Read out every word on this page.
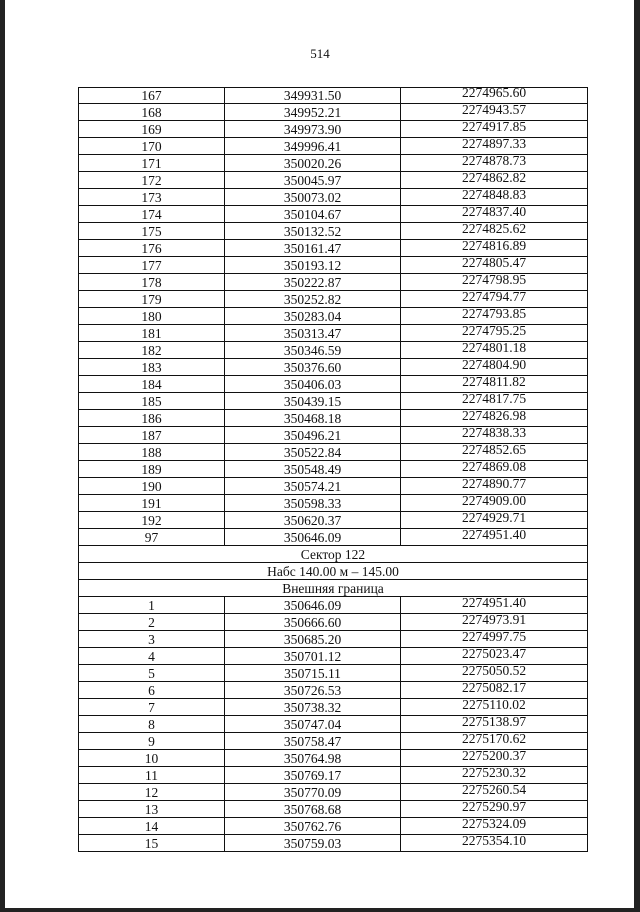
514
167	349931.50	2274965.60
168	349952.21	2274943.57
169	349973.90	2274917.85
170	349996.41	2274897.33
171	350020.26	2274878.73
172	350045.97	2274862.82
173	350073.02	2274848.83
174	350104.67	2274837.40
175	350132.52	2274825.62
176	350161.47	2274816.89
177	350193.12	2274805.47
178	350222.87	2274798.95
179	350252.82	2274794.77
180	350283.04	2274793.85
181	350313.47	2274795.25
182	350346.59	2274801.18
183	350376.60	2274804.90
184	350406.03	2274811.82
185	350439.15	2274817.75
186	350468.18	2274826.98
187	350496.21	2274838.33
188	350522.84	2274852.65
189	350548.49	2274869.08
190	350574.21	2274890.77
191	350598.33	2274909.00
192	350620.37	2274929.71
97	350646.09	2274951.40
Сектор 122		
Набс 140.00 м – 145.00		
Внешняя граница		
1	350646.09	2274951.40
2	350666.60	2274973.91
3	350685.20	2274997.75
4	350701.12	2275023.47
5	350715.11	2275050.52
6	350726.53	2275082.17
7	350738.32	2275110.02
8	350747.04	2275138.97
9	350758.47	2275170.62
10	350764.98	2275200.37
11	350769.17	2275230.32
12	350770.09	2275260.54
13	350768.68	2275290.97
14	350762.76	2275324.09
15	350759.03	2275354.10
